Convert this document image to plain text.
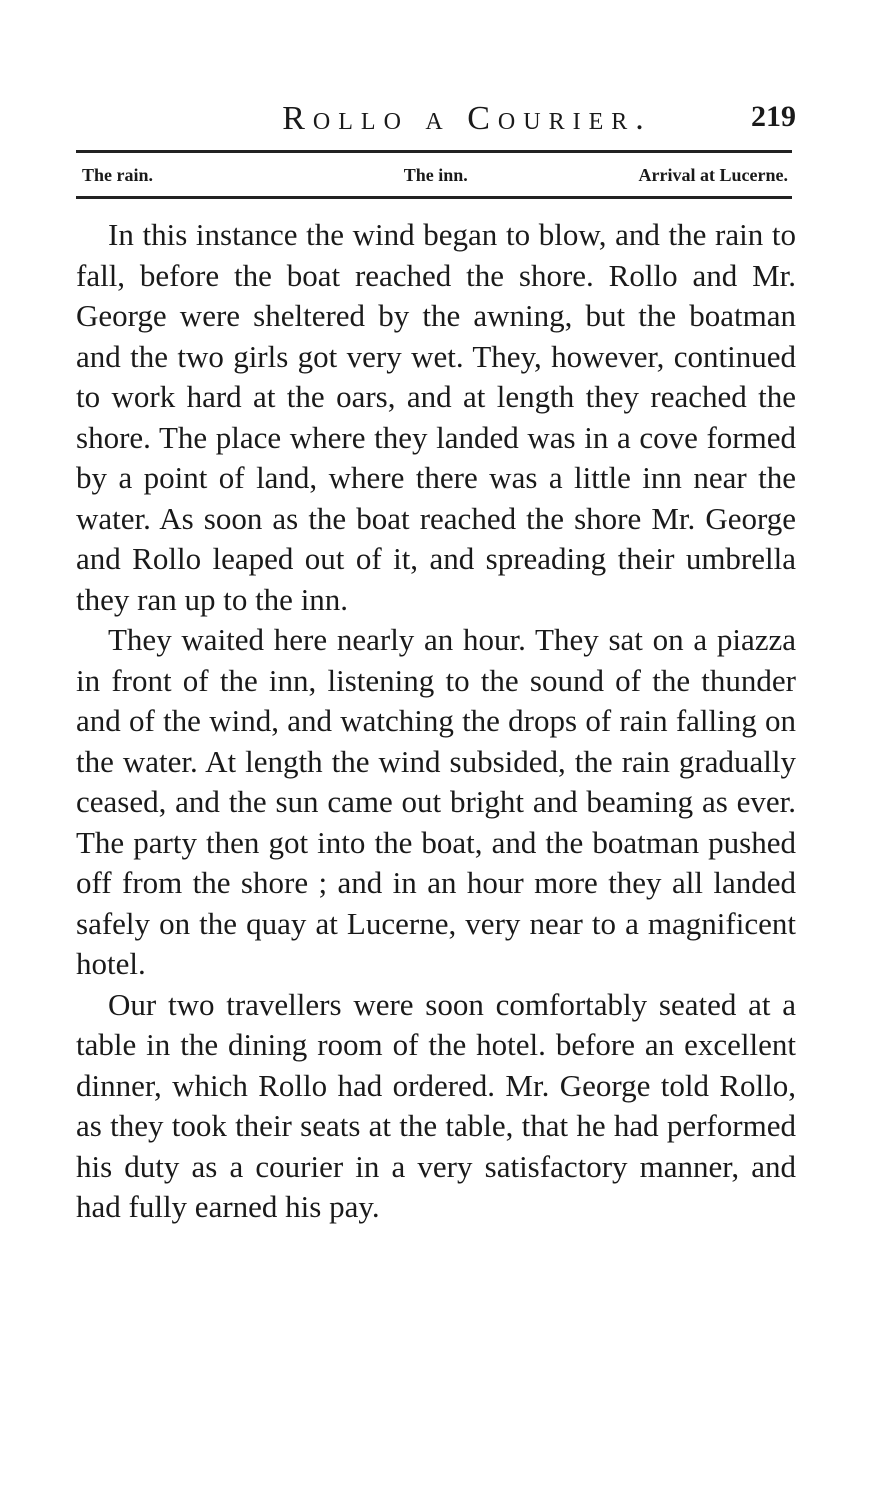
Rollo a Courier.	219
The rain.	The inn.	Arrival at Lucerne.

In this instance the wind began to blow, and the rain to fall, before the boat reached the shore. Rollo and Mr. George were sheltered by the awning, but the boatman and the two girls got very wet. They, however, continued to work hard at the oars, and at length they reached the shore. The place where they landed was in a cove formed by a point of land, where there was a little inn near the water. As soon as the boat reached the shore Mr. George and Rollo leaped out of it, and spreading their umbrella they ran up to the inn.

They waited here nearly an hour. They sat on a piazza in front of the inn, listening to the sound of the thunder and of the wind, and watching the drops of rain falling on the water. At length the wind subsided, the rain gradually ceased, and the sun came out bright and beaming as ever. The party then got into the boat, and the boatman pushed off from the shore ; and in an hour more they all landed safely on the quay at Lucerne, very near to a magnificent hotel.

Our two travellers were soon comfortably seated at a table in the dining room of the hotel. before an excellent dinner, which Rollo had ordered. Mr. George told Rollo, as they took their seats at the table, that he had performed his duty as a courier in a very satisfactory manner, and had fully earned his pay.
